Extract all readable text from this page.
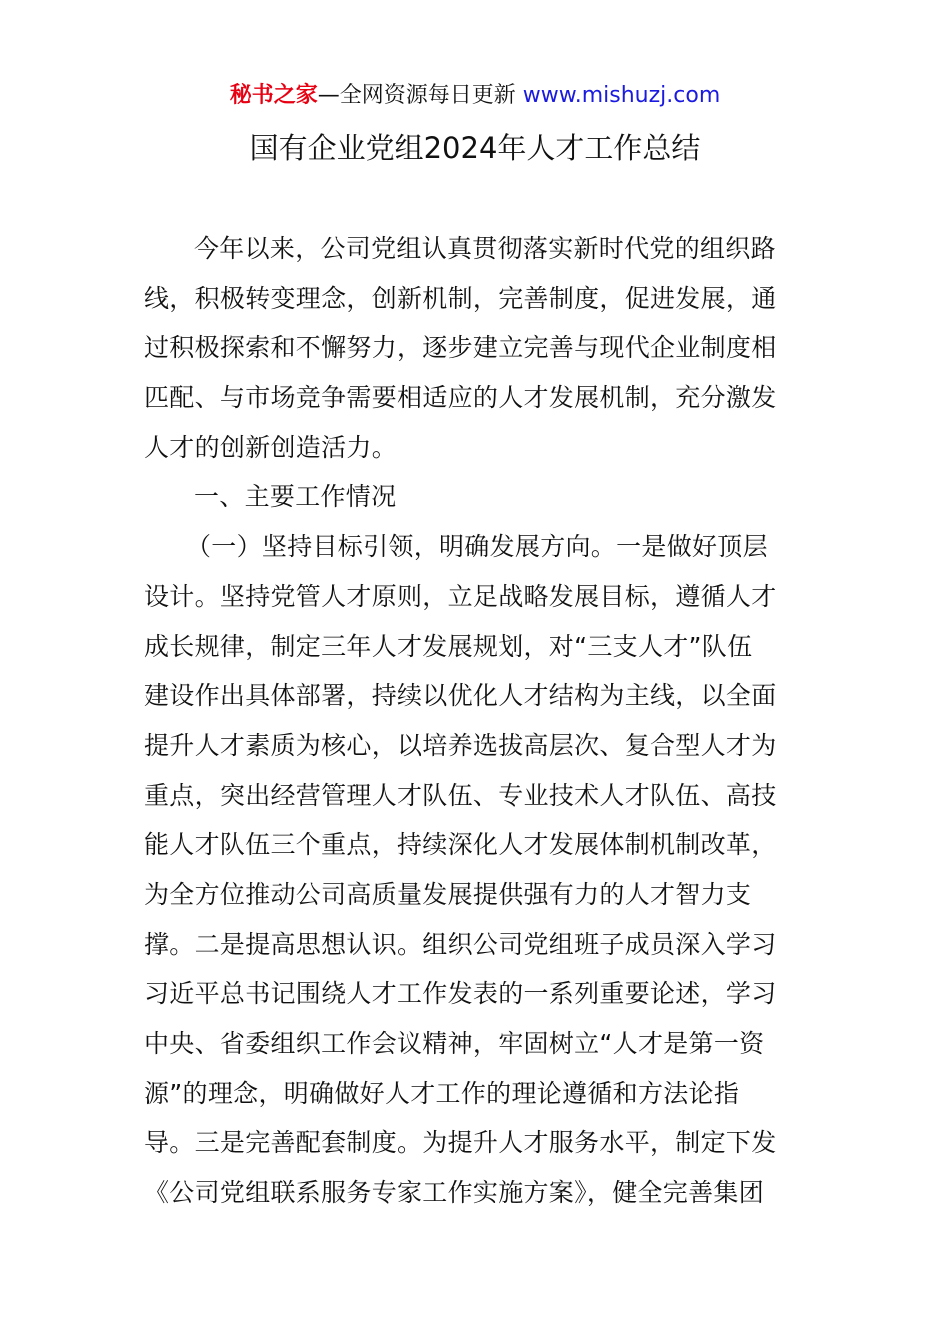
秘书之家—全网资源每日更新 www.mishuzj.com
国有企业党组2024年人才工作总结
今年以来，公司党组认真贯彻落实新时代党的组织路
线，积极转变理念，创新机制，完善制度，促进发展，通
过积极探索和不懈努力，逐步建立完善与现代企业制度相
匹配、与市场竞争需要相适应的人才发展机制，充分激发
人才的创新创造活力。
一、主要工作情况
（一）坚持目标引领，明确发展方向。一是做好顶层
设计。坚持党管人才原则，立足战略发展目标，遵循人才
成长规律，制定三年人才发展规划，对“三支人才”队伍
建设作出具体部署，持续以优化人才结构为主线，以全面
提升人才素质为核心，以培养选拔高层次、复合型人才为
重点，突出经营管理人才队伍、专业技术人才队伍、高技
能人才队伍三个重点，持续深化人才发展体制机制改革，
为全方位推动公司高质量发展提供强有力的人才智力支
撑。二是提高思想认识。组织公司党组班子成员深入学习
习近平总书记围绕人才工作发表的一系列重要论述，学习
中央、省委组织工作会议精神，牢固树立“人才是第一资
源”的理念，明确做好人才工作的理论遵循和方法论指
导。三是完善配套制度。为提升人才服务水平，制定下发
《公司党组联系服务专家工作实施方案》，健全完善集团
